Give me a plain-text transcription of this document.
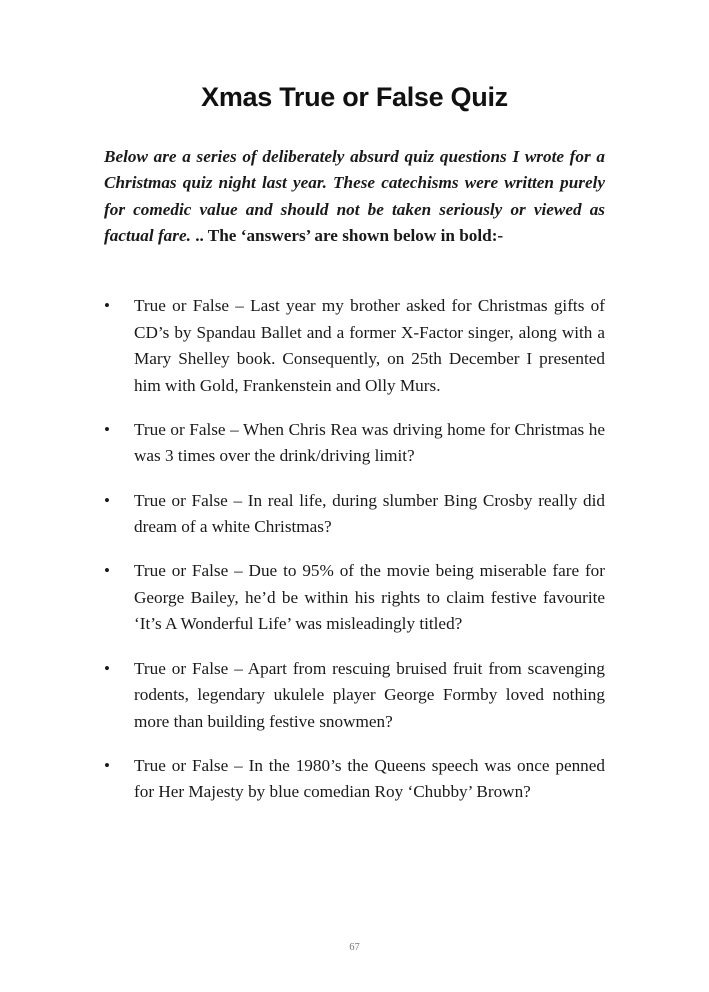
Xmas True or False Quiz

Below are a series of deliberately absurd quiz questions I wrote for a Christmas quiz night last year. These catechisms were written purely for comedic value and should not be taken seriously or viewed as factual fare. .. The ‘answers’ are shown below in bold:-

•	True or False – Last year my brother asked for Christmas gifts of CD’s by Spandau Ballet and a former X-Factor singer, along with a Mary Shelley book. Consequently, on 25th December I presented him with Gold, Frankenstein and Olly Murs.
•	True or False – When Chris Rea was driving home for Christmas he was 3 times over the drink/driving limit?
•	True or False – In real life, during slumber Bing Crosby really did dream of a white Christmas?
•	True or False – Due to 95% of the movie being miserable fare for George Bailey, he’d be within his rights to claim festive favourite ‘It’s A Wonderful Life’ was misleadingly titled?
•	True or False – Apart from rescuing bruised fruit from scavenging rodents, legendary ukulele player George Formby loved nothing more than building festive snowmen?
•	True or False – In the 1980’s the Queens speech was once penned for Her Majesty by blue comedian Roy ‘Chubby’ Brown?
67
